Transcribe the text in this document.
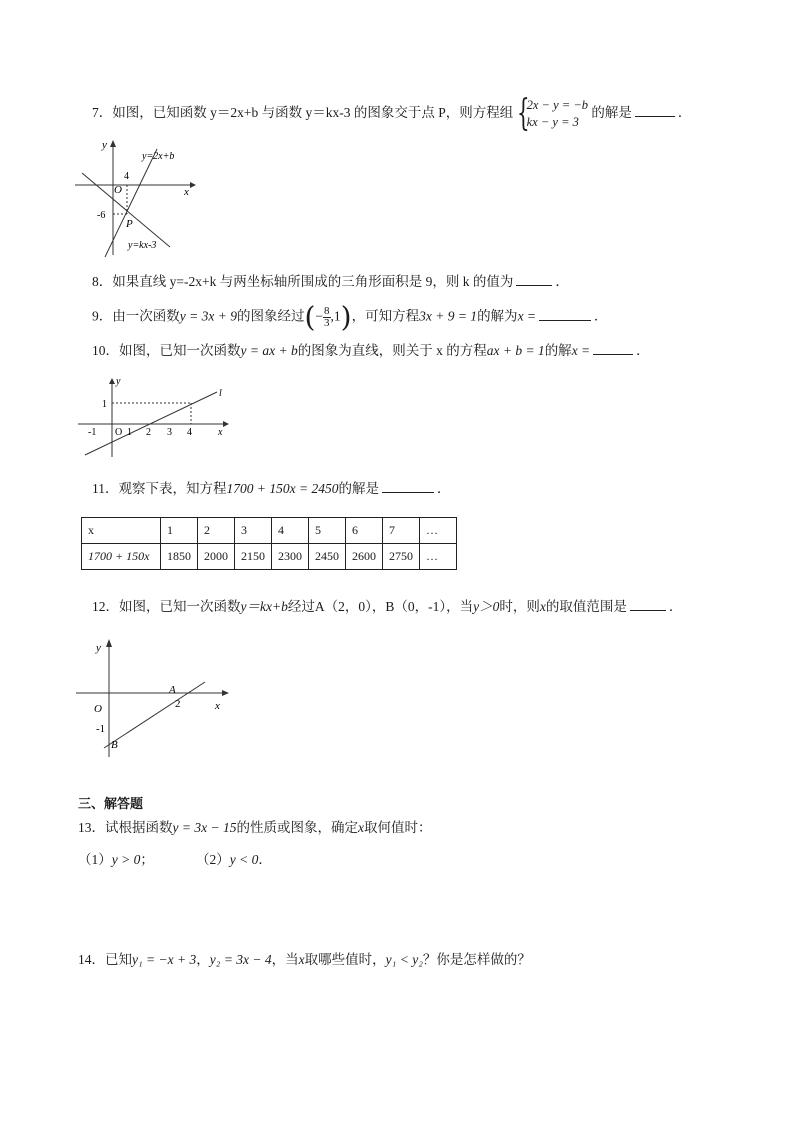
7．如图，已知函数 y＝2x+b 与函数 y＝kx-3 的图象交于点 P，则方程组 {
2x − y = −b
kx − y = 3
的解是	．
y
x
O
4
-6
P
y=2x+b
y=kx-3
8．如果直线 y=-2x+k 与两坐标轴所围成的三角形面积是 9，则 k 的值为	．
9．由一次函数y = 3x + 9的图象经过(− $\frac{8}{3} ,1$)，可知方程3x + 9 = 1的解为x =	．
10．如图，已知一次函数y = ax + b的图象为直线，则关于 x 的方程ax + b = 1的解x =	．
y
x
l
O
1
-1	1 2 3 4
11．观察下表，知方程1700 + 150x = 2450的解是	．
x	1	2	3	4	5	6	7	…
1700 + 150x	1850	2000	2150	2300	2450	2600	2750	…
12．如图，已知一次函数y＝kx+b经过A（2，0），B（0，-1），当y＞0时，则x的取值范围是	．
y
x
O
A
2
-1
B
三、解答题
13．试根据函数y = 3x − 15的性质或图象，确定x取何值时：
（1）y > 0；	（2）y < 0．
14．已知y₁ = −x + 3，y₂ = 3x − 4，当x取哪些值时，y₁ < y₂？你是怎样做的？
